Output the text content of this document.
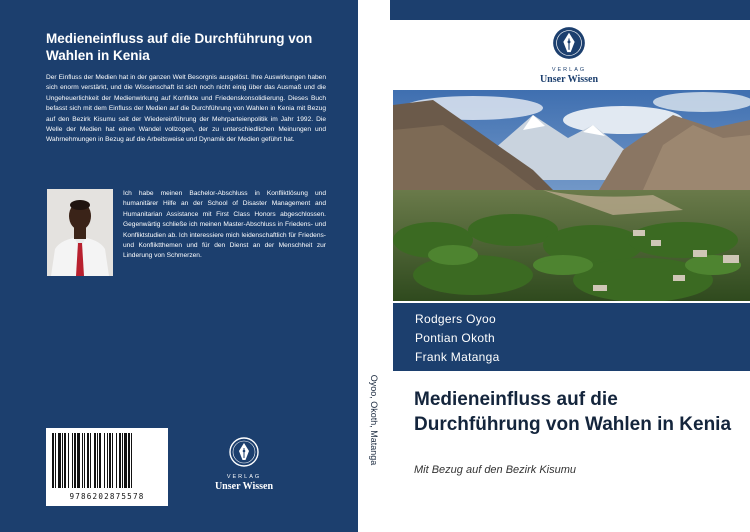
Medieneinfluss auf die Durchführung von Wahlen in Kenia
Der Einfluss der Medien hat in der ganzen Welt Besorgnis ausgelöst. Ihre Auswirkungen haben sich enorm verstärkt, und die Wissenschaft ist sich noch nicht einig über das Ausmaß und die Ungeheuerlichkeit der Medienwirkung auf Konflikte und Friedenskonsolidierung. Dieses Buch befasst sich mit dem Einfluss der Medien auf die Durchführung von Wahlen in Kenia mit Bezug auf den Bezirk Kisumu seit der Wiedereinführung der Mehrparteienpolitik im Jahr 1992. Die Welle der Medien hat einen Wandel vollzogen, der zu unterschiedlichen Meinungen und Wahrnehmungen in Bezug auf die Arbeitsweise und Dynamik der Medien geführt hat.
Ich habe meinen Bachelor-Abschluss in Konfliktlösung und humanitärer Hilfe an der School of Disaster Management and Humanitarian Assistance mit First Class Honors abgeschlossen. Gegenwärtig schließe ich meinen Master-Abschluss in Friedens- und Konfliktstudien ab. Ich interessiere mich leidenschaftlich für Friedens- und Konfliktthemen und für den Dienst an der Menschheit zur Linderung von Schmerzen.
9786202875578
VERLAG
Unser Wissen
Oyoo, Okoth, Matanga
VERLAG
Unser Wissen
Rodgers Oyoo
Pontian Okoth
Frank Matanga
Medieneinfluss auf die Durchführung von Wahlen in Kenia
Mit Bezug auf den Bezirk Kisumu
